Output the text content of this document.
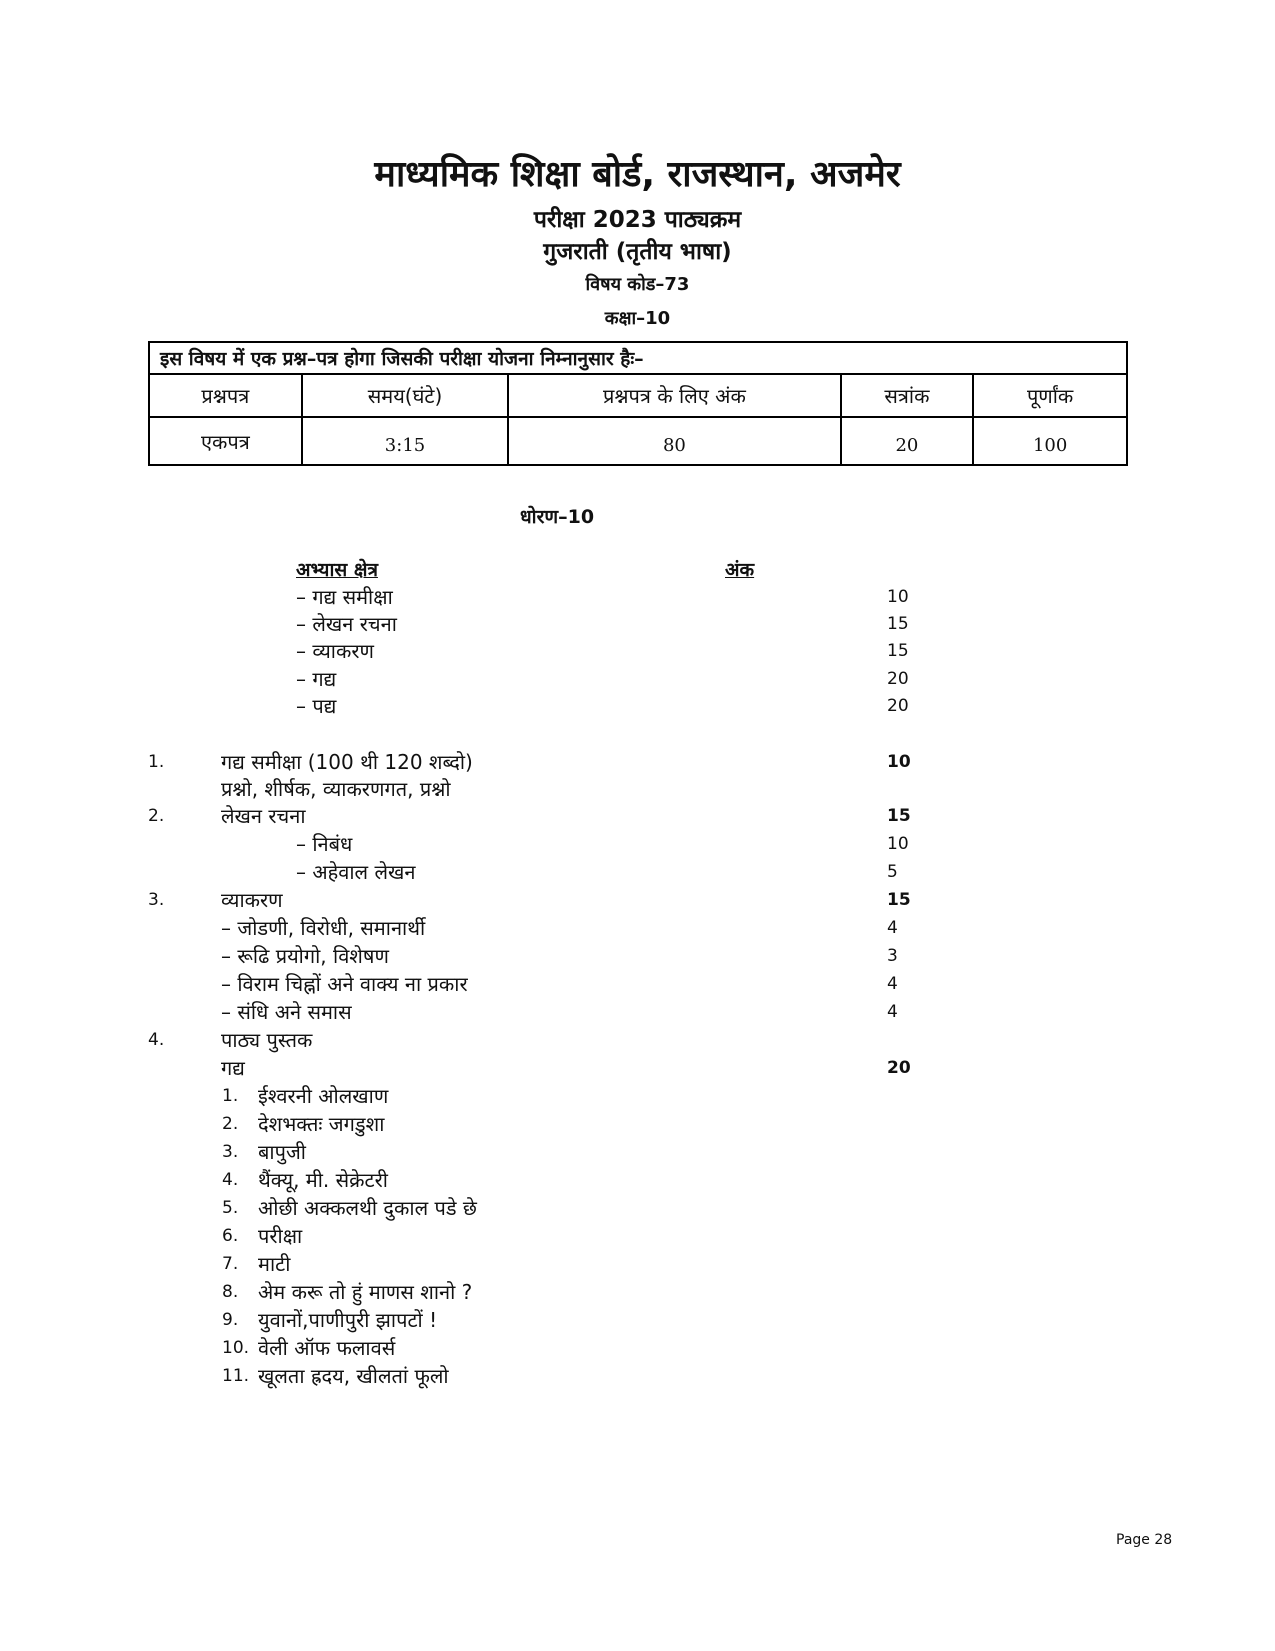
माध्यमिक शिक्षा बोर्ड, राजस्थान, अजमेर
परीक्षा 2023 पाठ्यक्रम
गुजराती (तृतीय भाषा)
विषय कोड–73
कक्षा–10
इस विषय में एक प्रश्न–पत्र होगा जिसकी परीक्षा योजना निम्नानुसार हैः–				
प्रश्नपत्र	समय(घंटे)	प्रश्नपत्र के लिए अंक	सत्रांक	पूर्णांक
एकपत्र	3:15	80	20	100
धोरण–10
अभ्यास क्षेत्र	अंक
– गद्य समीक्षा	10
– लेखन रचना	15
– व्याकरण	15
– गद्य	20
– पद्य	20
1.	गद्य समीक्षा (100 थी 120 शब्दो)	10
प्रश्नो, शीर्षक, व्याकरणगत, प्रश्नो
2.	लेखन रचना	15
– निबंध	10
– अहेवाल लेखन	5
3.	व्याकरण	15
– जोडणी, विरोधी, समानार्थी	4
– रूढि प्रयोगो, विशेषण	3
– विराम चिह्नों अने वाक्य ना प्रकार	4
– संधि अने समास	4
4.	पाठ्य पुस्तक
गद्य	20
1. ईश्वरनी ओलखाण
2. देशभक्तः जगडुशा
3. बापुजी
4. थैंक्यू, मी. सेक्रेटरी
5. ओछी अक्कलथी दुकाल पडे छे
6. परीक्षा
7. माटी
8. अेम करू तो हुं माणस शानो ?
9. युवानों,पाणीपुरी झापटों !
10. वेली ऑफ फलावर्स
11. खूलता ह्रदय, खीलतां फूलो
Page 28
